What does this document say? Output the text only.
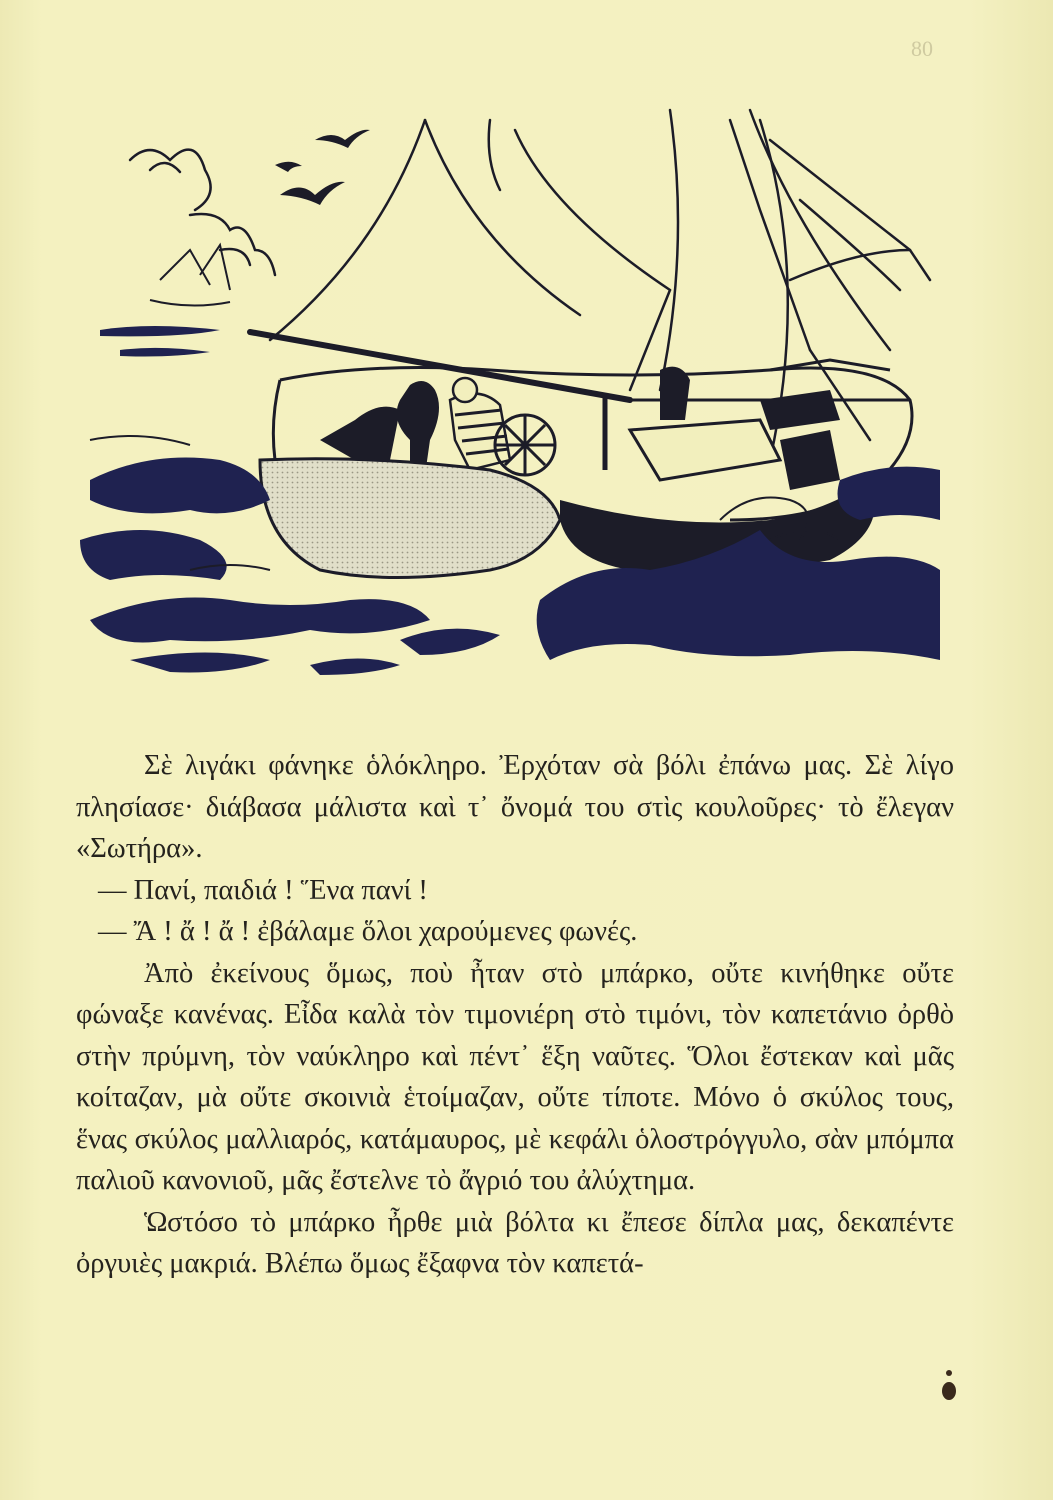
80

Σὲ λιγάκι φάνηκε ὁλόκληρο. Ἐρχόταν σὰ βόλι ἐπάνω μας. Σὲ λίγο πλησίασε· διάβασα μάλιστα καὶ τ᾽ ὄνομά του στὶς κουλοῦρες· τὸ ἔλεγαν «Σωτήρα».

— Πανί, παιδιά ! Ἕνα πανί !

— Ἄ ! ἄ ! ἄ ! ἐβάλαμε ὅλοι χαρούμενες φωνές.

Ἀπὸ ἐκείνους ὅμως, ποὺ ἦταν στὸ μπάρκο, οὔτε κινήθηκε οὔτε φώναξε κανένας. Εἶδα καλὰ τὸν τιμονιέρη στὸ τιμόνι, τὸν καπετάνιο ὀρθὸ στὴν πρύμνη, τὸν ναύκληρο καὶ πέντ᾽ ἕξη ναῦτες. Ὅλοι ἔστεκαν καὶ μᾶς κοίταζαν, μὰ οὔτε σκοινιὰ ἑτοίμαζαν, οὔτε τίποτε. Μόνο ὁ σκύλος τους, ἕνας σκύλος μαλλιαρός, κατάμαυρος, μὲ κεφάλι ὁλοστρόγγυλο, σὰν μπόμπα παλιοῦ κανονιοῦ, μᾶς ἔστελνε τὸ ἄγριό του ἀλύχτημα.

Ὡστόσο τὸ μπάρκο ἦρθε μιὰ βόλτα κι ἔπεσε δίπλα μας, δεκαπέντε ὀργυιὲς μακριά. Βλέπω ὅμως ἔξαφνα τὸν καπετά-
